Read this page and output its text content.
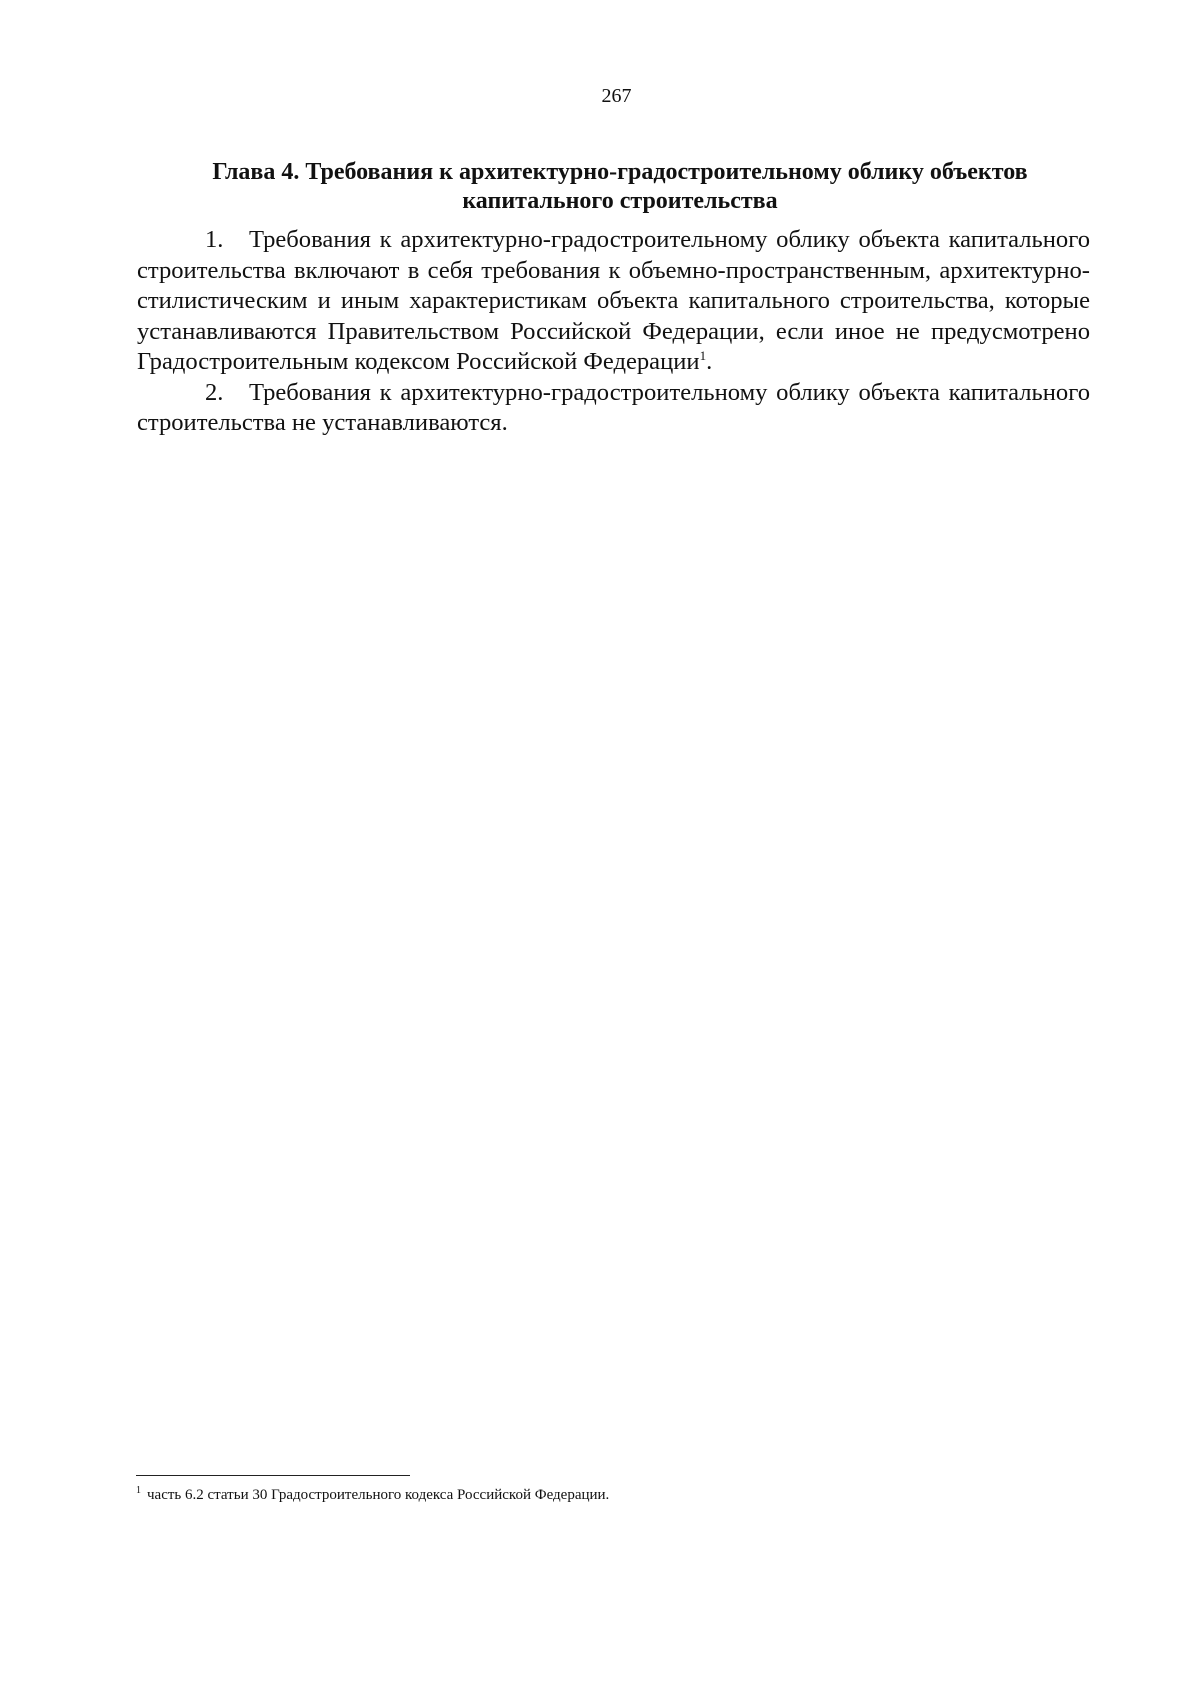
267
Глава 4. Требования к архитектурно-градостроительному облику объектов капитального строительства

1. Требования к архитектурно-градостроительному облику объекта капитального строительства включают в себя требования к объемно-пространственным, архитектурно-стилистическим и иным характеристикам объекта капитального строительства, которые устанавливаются Правительством Российской Федерации, если иное не предусмотрено Градостроительным кодексом Российской Федерации$^1$.

2. Требования к архитектурно-градостроительному облику объекта капитального строительства не устанавливаются.

$^1$ часть 6.2 статьи 30 Градостроительного кодекса Российской Федерации.
